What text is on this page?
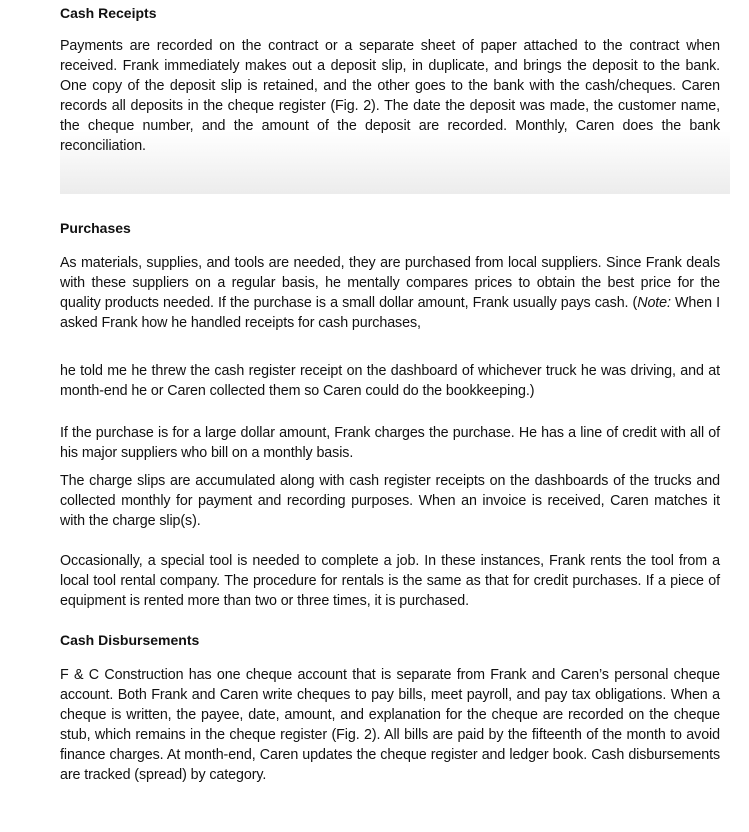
Cash Receipts

Payments are recorded on the contract or a separate sheet of paper attached to the contract when received. Frank immediately makes out a deposit slip, in duplicate, and brings the deposit to the bank. One copy of the deposit slip is retained, and the other goes to the bank with the cash/cheques. Caren records all deposits in the cheque register (Fig. 2). The date the deposit was made, the customer name, the cheque number, and the amount of the deposit are recorded. Monthly, Caren does the bank reconciliation.

Purchases

As materials, supplies, and tools are needed, they are purchased from local suppliers. Since Frank deals with these suppliers on a regular basis, he mentally compares prices to obtain the best price for the quality products needed. If the purchase is a small dollar amount, Frank usually pays cash. (Note: When I asked Frank how he handled receipts for cash purchases,

he told me he threw the cash register receipt on the dashboard of whichever truck he was driving, and at month-end he or Caren collected them so Caren could do the bookkeeping.)

If the purchase is for a large dollar amount, Frank charges the purchase. He has a line of credit with all of his major suppliers who bill on a monthly basis.

The charge slips are accumulated along with cash register receipts on the dashboards of the trucks and collected monthly for payment and recording purposes. When an invoice is received, Caren matches it with the charge slip(s).

Occasionally, a special tool is needed to complete a job. In these instances, Frank rents the tool from a local tool rental company. The procedure for rentals is the same as that for credit purchases. If a piece of equipment is rented more than two or three times, it is purchased.

Cash Disbursements

F & C Construction has one cheque account that is separate from Frank and Caren’s personal cheque account. Both Frank and Caren write cheques to pay bills, meet payroll, and pay tax obligations. When a cheque is written, the payee, date, amount, and explanation for the cheque are recorded on the cheque stub, which remains in the cheque register (Fig. 2). All bills are paid by the fifteenth of the month to avoid finance charges. At month-end, Caren updates the cheque register and ledger book. Cash disbursements are tracked (spread) by category.
